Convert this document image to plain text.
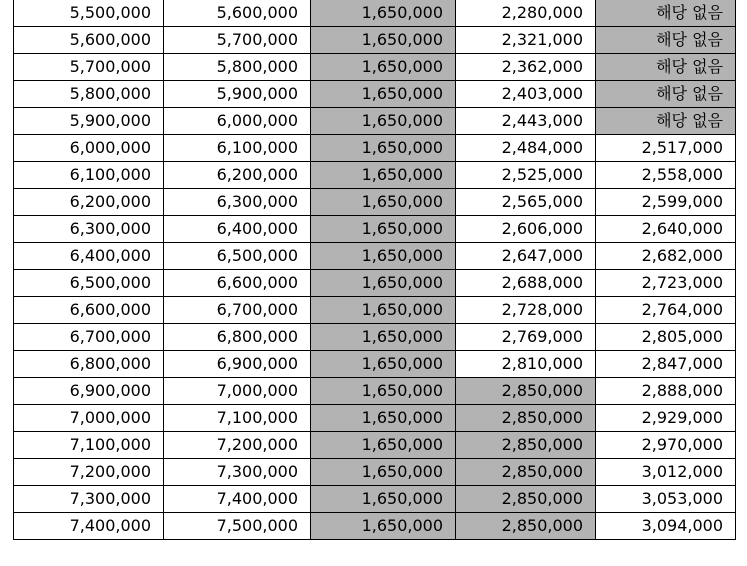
5,500,000	5,600,000	1,650,000	2,280,000	해당 없음
5,600,000	5,700,000	1,650,000	2,321,000	해당 없음
5,700,000	5,800,000	1,650,000	2,362,000	해당 없음
5,800,000	5,900,000	1,650,000	2,403,000	해당 없음
5,900,000	6,000,000	1,650,000	2,443,000	해당 없음
6,000,000	6,100,000	1,650,000	2,484,000	2,517,000
6,100,000	6,200,000	1,650,000	2,525,000	2,558,000
6,200,000	6,300,000	1,650,000	2,565,000	2,599,000
6,300,000	6,400,000	1,650,000	2,606,000	2,640,000
6,400,000	6,500,000	1,650,000	2,647,000	2,682,000
6,500,000	6,600,000	1,650,000	2,688,000	2,723,000
6,600,000	6,700,000	1,650,000	2,728,000	2,764,000
6,700,000	6,800,000	1,650,000	2,769,000	2,805,000
6,800,000	6,900,000	1,650,000	2,810,000	2,847,000
6,900,000	7,000,000	1,650,000	2,850,000	2,888,000
7,000,000	7,100,000	1,650,000	2,850,000	2,929,000
7,100,000	7,200,000	1,650,000	2,850,000	2,970,000
7,200,000	7,300,000	1,650,000	2,850,000	3,012,000
7,300,000	7,400,000	1,650,000	2,850,000	3,053,000
7,400,000	7,500,000	1,650,000	2,850,000	3,094,000
